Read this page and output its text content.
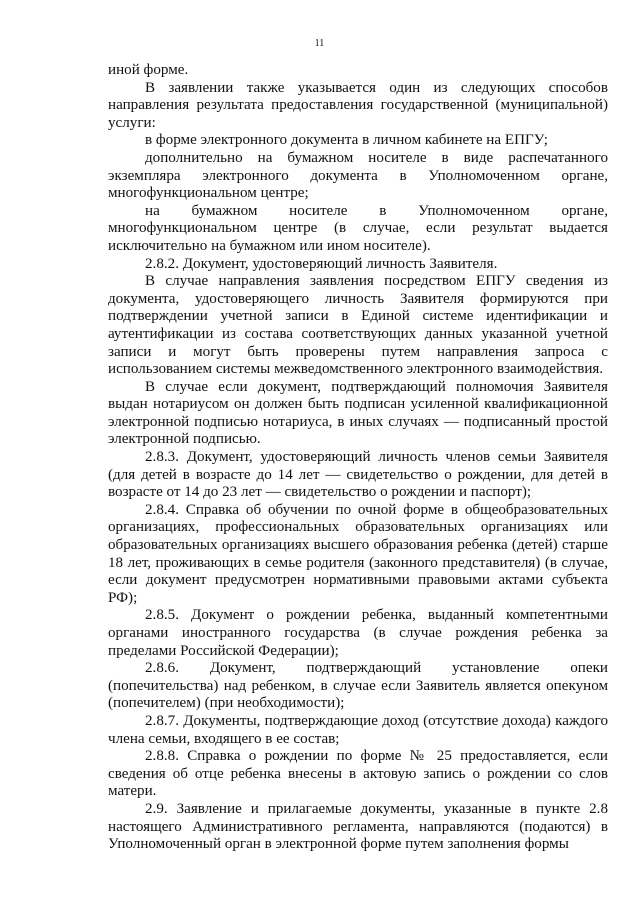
11

иной форме.

В заявлении также указывается один из следующих способов направления результата предоставления государственной (муниципальной) услуги:

в форме электронного документа в личном кабинете на ЕПГУ;

дополнительно на бумажном носителе в виде распечатанного экземпляра электронного документа в Уполномоченном органе, многофункциональном центре;

на бумажном носителе в Уполномоченном органе, многофункциональном центре (в случае, если результат выдается исключительно на бумажном или ином носителе).

2.8.2. Документ, удостоверяющий личность Заявителя.

В случае направления заявления посредством ЕПГУ сведения из документа, удостоверяющего личность Заявителя формируются при подтверждении учетной записи в Единой системе идентификации и аутентификации из состава соответствующих данных указанной учетной записи и могут быть проверены путем направления запроса с использованием системы межведомственного электронного взаимодействия.

В случае если документ, подтверждающий полномочия Заявителя выдан нотариусом он должен быть подписан усиленной квалификационной электронной подписью нотариуса, в иных случаях — подписанный простой электронной подписью.

2.8.3. Документ, удостоверяющий личность членов семьи Заявителя (для детей в возрасте до 14 лет — свидетельство о рождении, для детей в возрасте от 14 до 23 лет — свидетельство о рождении и паспорт);

2.8.4. Справка об обучении по очной форме в общеобразовательных организациях, профессиональных образовательных организациях или образовательных организациях высшего образования ребенка (детей) старше 18 лет, проживающих в семье родителя (законного представителя) (в случае, если документ предусмотрен нормативными правовыми актами субъекта РФ);

2.8.5. Документ о рождении ребенка, выданный компетентными органами иностранного государства (в случае рождения ребенка за пределами Российской Федерации);

2.8.6. Документ, подтверждающий установление опеки (попечительства) над ребенком, в случае если Заявитель является опекуном (попечителем) (при необходимости);

2.8.7. Документы, подтверждающие доход (отсутствие дохода) каждого члена семьи, входящего в ее состав;

2.8.8. Справка о рождении по форме № 25 предоставляется, если сведения об отце ребенка внесены в актовую запись о рождении со слов матери.

2.9. Заявление и прилагаемые документы, указанные в пункте 2.8 настоящего Административного регламента, направляются (подаются) в Уполномоченный орган в электронной форме путем заполнения формы
